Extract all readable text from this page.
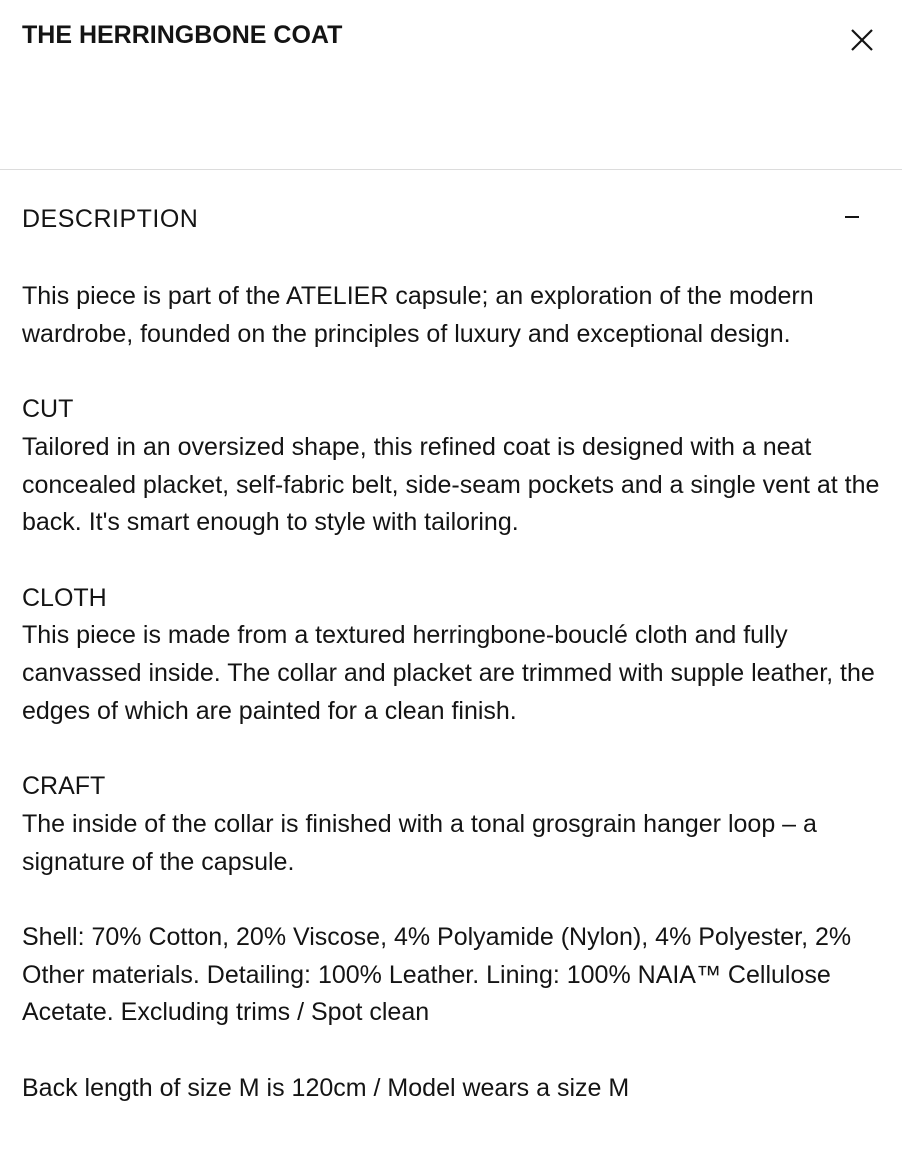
THE HERRINGBONE COAT
DESCRIPTION

This piece is part of the ATELIER capsule; an exploration of the modern wardrobe, founded on the principles of luxury and exceptional design.

CUT
Tailored in an oversized shape, this refined coat is designed with a neat concealed placket, self-fabric belt, side-seam pockets and a single vent at the back. It's smart enough to style with tailoring.

CLOTH
This piece is made from a textured herringbone-bouclé cloth and fully canvassed inside. The collar and placket are trimmed with supple leather, the edges of which are painted for a clean finish.

CRAFT
The inside of the collar is finished with a tonal grosgrain hanger loop – a signature of the capsule.

Shell: 70% Cotton, 20% Viscose, 4% Polyamide (Nylon), 4% Polyester, 2% Other materials. Detailing: 100% Leather. Lining: 100% NAIA™ Cellulose Acetate. Excluding trims / Spot clean

Back length of size M is 120cm / Model wears a size M
